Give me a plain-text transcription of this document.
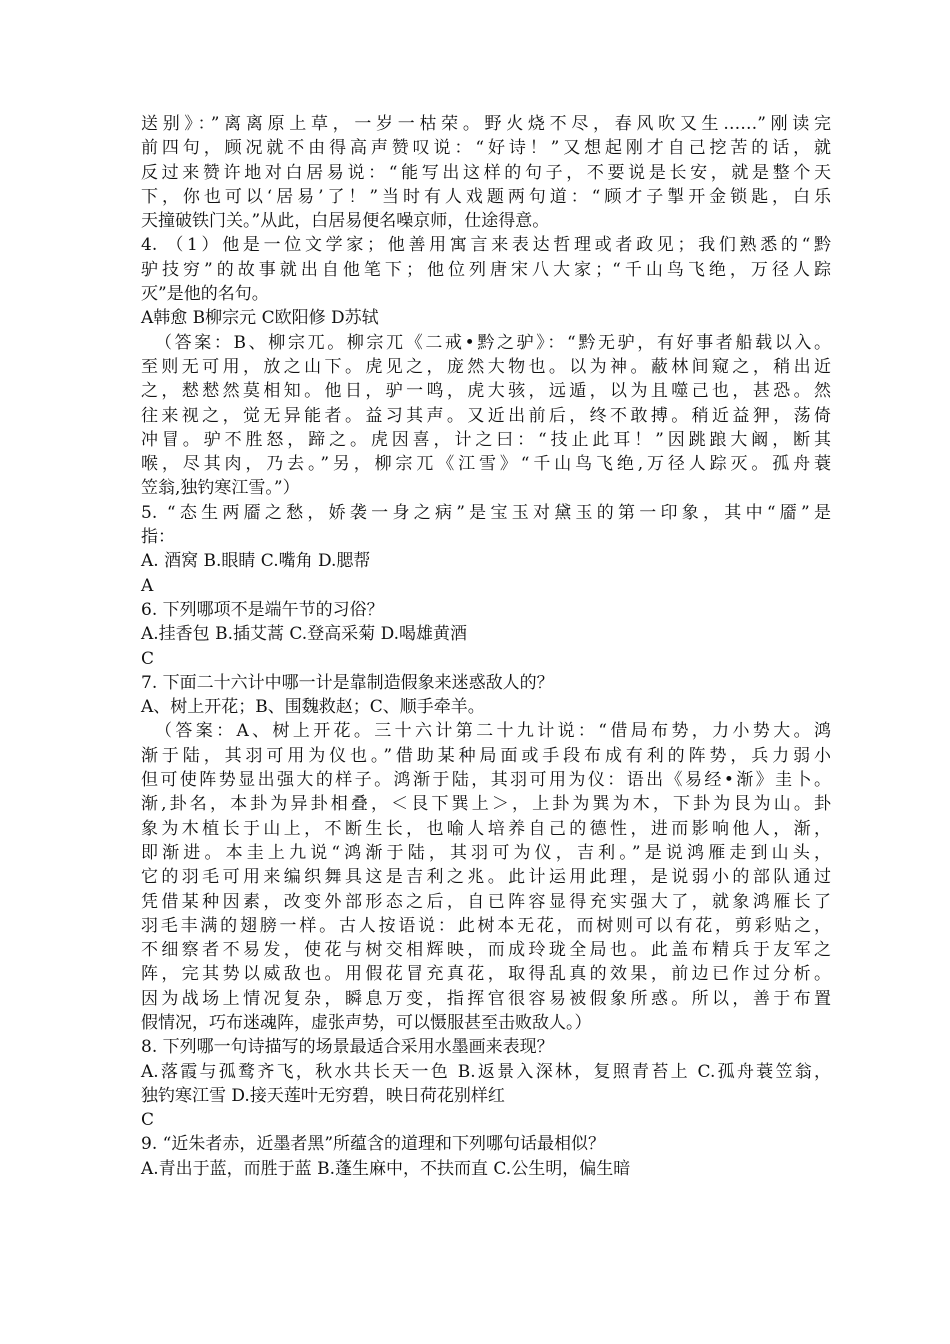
送别》：”离离原上草，一岁一枯荣。野火烧不尽，春风吹又生……”刚读完
前四句，顾况就不由得高声赞叹说：“好诗！”又想起刚才自己挖苦的话，就
反过来赞许地对白居易说：“能写出这样的句子，不要说是长安，就是整个天
下，你也可以‘居易’了！”当时有人戏题两句道：“顾才子掣开金锁匙，白乐
天撞破铁门关。”从此，白居易便名噪京师，仕途得意。
4. （1）他是一位文学家；他善用寓言来表达哲理或者政见；我们熟悉的“黔
驴技穷”的故事就出自他笔下；他位列唐宋八大家；“千山鸟飞绝，万径人踪
灭”是他的名句。
A韩愈 B柳宗元 C欧阳修 D苏轼
（答案：B、柳宗兀。柳宗兀《二戒•黔之驴》：“黔无驴，有好事者船载以入。
至则无可用，放之山下。虎见之，庞然大物也。以为神。蔽林间窥之，稍出近
之，慭慭然莫相知。他日，驴一鸣，虎大骇，远遁，以为且噬己也，甚恐。然
往来视之，觉无异能者。益习其声。又近出前后，终不敢搏。稍近益狎，荡倚
冲冒。驴不胜怒，蹄之。虎因喜，计之曰：“技止此耳！”因跳踉大阚，断其
喉，尽其肉，乃去。”另，柳宗兀《江雪》“千山鸟飞绝,万径人踪灭。孤舟蓑
笠翁,独钓寒江雪。”）
5. “态生两靥之愁，娇袭一身之病”是宝玉对黛玉的第一印象，其中“靥”是
指：
A. 酒窝 B.眼睛 C.嘴角 D.腮帮
A
6. 下列哪项不是端午节的习俗？
A.挂香包 B.插艾蒿 C.登高采菊 D.喝雄黄酒
C
7. 下面二十六计中哪一计是靠制造假象来迷惑敌人的？
A、树上开花；B、围魏救赵；C、顺手牵羊。
（答案：A、树上开花。三十六计第二十九计说：“借局布势，力小势大。鸿
渐于陆，其羽可用为仪也。”借助某种局面或手段布成有利的阵势，兵力弱小
但可使阵势显出强大的样子。鸿渐于陆，其羽可用为仪：语出《易经•渐》圭卜。
渐,卦名，本卦为异卦相叠，＜艮下巽上＞，上卦为巽为木，下卦为艮为山。卦
象为木植长于山上，不断生长，也喻人培养自己的德性，进而影响他人，渐，
即渐进。本圭上九说“鸿渐于陆，其羽可为仪，吉利。”是说鸿雁走到山头，
它的羽毛可用来编织舞具这是吉利之兆。此计运用此理，是说弱小的部队通过
凭借某种因素，改变外部形态之后，自已阵容显得充实强大了，就象鸿雁长了
羽毛丰满的翅膀一样。古人按语说：此树本无花，而树则可以有花，剪彩贴之，
不细察者不易发，使花与树交相辉映，而成玲珑全局也。此盖布精兵于友军之
阵，完其势以威敌也。用假花冒充真花，取得乱真的效果，前边已作过分析。
因为战场上情况复杂，瞬息万变，指挥官很容易被假象所惑。所以，善于布置
假情况，巧布迷魂阵，虚张声势，可以慑服甚至击败敌人。）
8. 下列哪一句诗描写的场景最适合采用水墨画来表现？
A.落霞与孤鹜齐飞，秋水共长天一色 B.返景入深林，复照青苔上 C.孤舟蓑笠翁，
独钓寒江雪 D.接天莲叶无穷碧，映日荷花别样红
C
9. “近朱者赤，近墨者黑”所蕴含的道理和下列哪句话最相似？
A.青出于蓝，而胜于蓝 B.蓬生麻中，不扶而直 C.公生明，偏生暗
